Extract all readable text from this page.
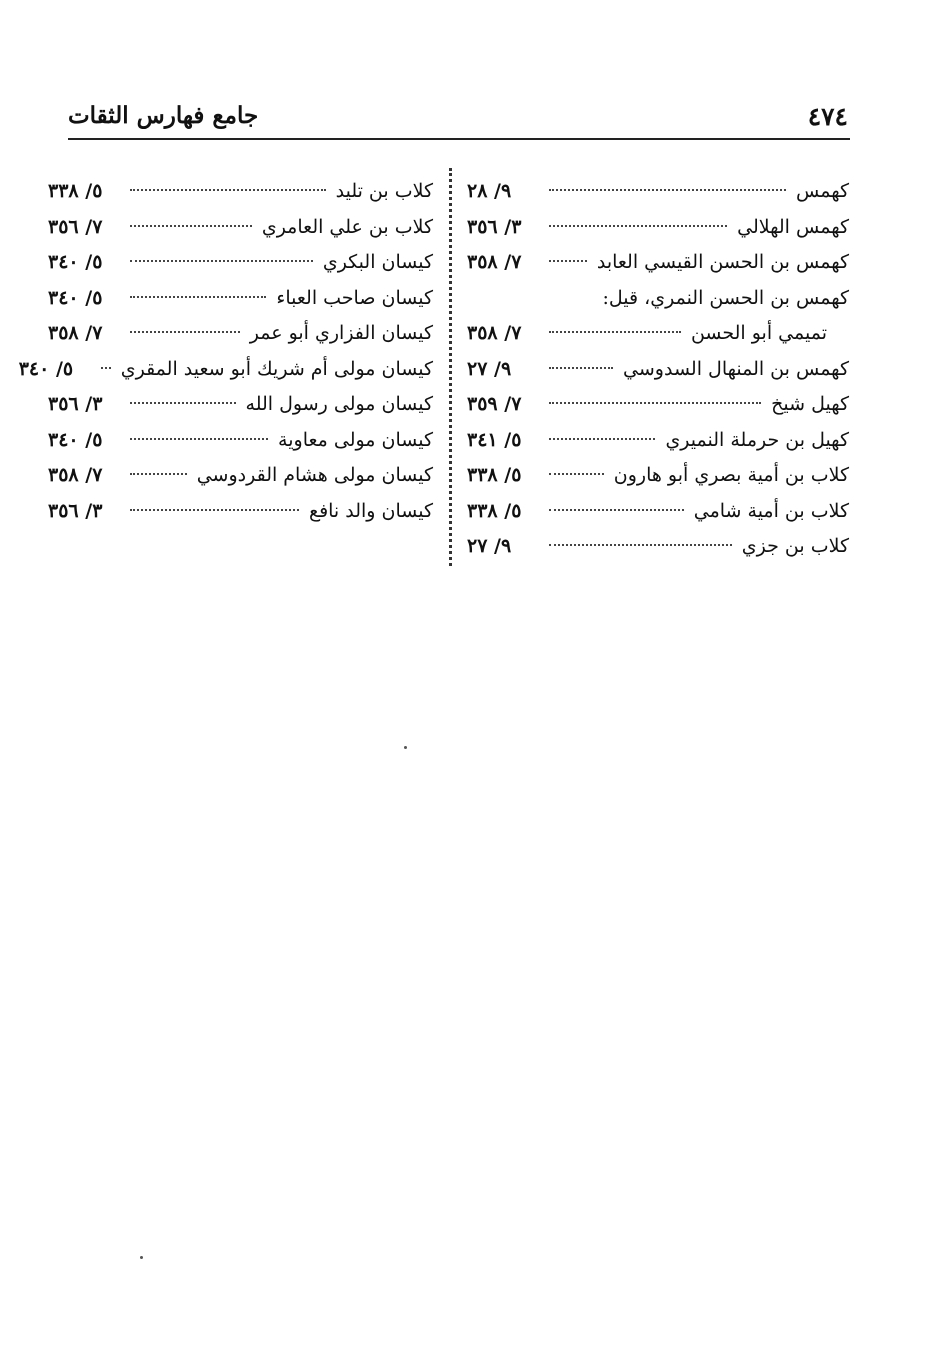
٤٧٤
جامع فهارس الثقات
كهمس
٩/ ٢٨
كهمس الهلالي
٣/ ٣٥٦
كهمس بن الحسن القيسي العابد
٧/ ٣٥٨
كهمس بن الحسن النمري، قيل:
تميمي أبو الحسن
٧/ ٣٥٨
كهمس بن المنهال السدوسي
٩/ ٢٧
كهيل شيخ
٧/ ٣٥٩
كهيل بن حرملة النميري
٥/ ٣٤١
كلاب بن أمية بصري أبو هارون
٥/ ٣٣٨
كلاب بن أمية شامي
٥/ ٣٣٨
كلاب بن جزي
٩/ ٢٧
كلاب بن تليد
٥/ ٣٣٨
كلاب بن علي العامري
٧/ ٣٥٦
كيسان البكري
٥/ ٣٤٠
كيسان صاحب العباء
٥/ ٣٤٠
كيسان الفزاري أبو عمر
٧/ ٣٥٨
كيسان مولى أم شريك أبو سعيد المقري
٥/ ٣٤٠
كيسان مولى رسول الله
٣/ ٣٥٦
كيسان مولى معاوية
٥/ ٣٤٠
كيسان مولى هشام القردوسي
٧/ ٣٥٨
كيسان والد نافع
٣/ ٣٥٦
